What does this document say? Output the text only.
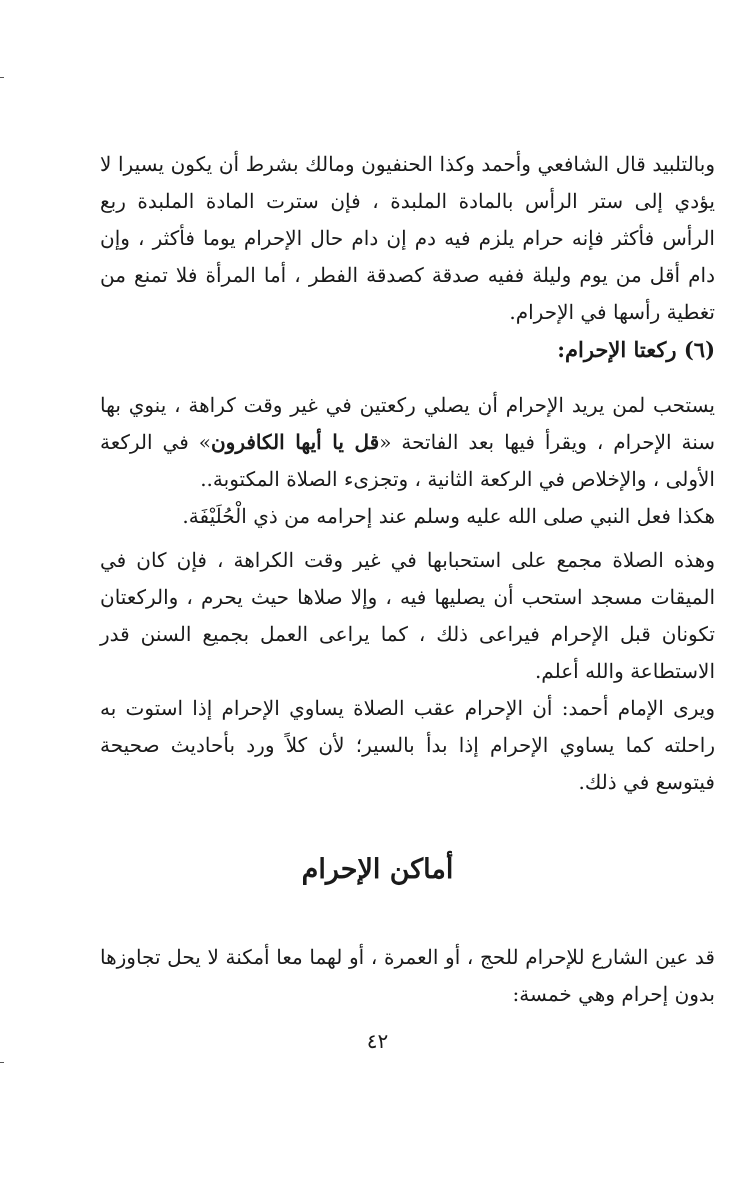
وبالتلبيد قال الشافعي وأحمد وكذا الحنفيون ومالك بشرط أن يكون يسيرا لا يؤدي إلى ستر الرأس بالمادة الملبدة ، فإن سترت المادة الملبدة ربع الرأس فأكثر فإنه حرام يلزم فيه دم إن دام حال الإحرام يوما فأكثر ، وإن دام أقل من يوم وليلة ففيه صدقة كصدقة الفطر ، أما المرأة فلا تمنع من تغطية رأسها في الإحرام.

(٦) ركعتا الإحرام:

يستحب لمن يريد الإحرام أن يصلي ركعتين في غير وقت كراهة ، ينوي بها سنة الإحرام ، ويقرأ فيها بعد الفاتحة «قل يا أيها الكافرون» في الركعة الأولى ، والإخلاص في الركعة الثانية ، وتجزىء الصلاة المكتوبة..

هكذا فعل النبي صلى الله عليه وسلم عند إحرامه من ذي الْحُلَيْفَة.

وهذه الصلاة مجمع على استحبابها في غير وقت الكراهة ، فإن كان في الميقات مسجد استحب أن يصليها فيه ، وإلا صلاها حيث يحرم ، والركعتان تكونان قبل الإحرام فيراعى ذلك ، كما يراعى العمل بجميع السنن قدر الاستطاعة والله أعلم.

ويرى الإمام أحمد: أن الإحرام عقب الصلاة يساوي الإحرام إذا استوت به راحلته كما يساوي الإحرام إذا بدأ بالسير؛ لأن كلاً ورد بأحاديث صحيحة فيتوسع في ذلك.

أماكن الإحرام

قد عين الشارع للإحرام للحج ، أو العمرة ، أو لهما معا أمكنة لا يحل تجاوزها بدون إحرام وهي خمسة:

٤٢
